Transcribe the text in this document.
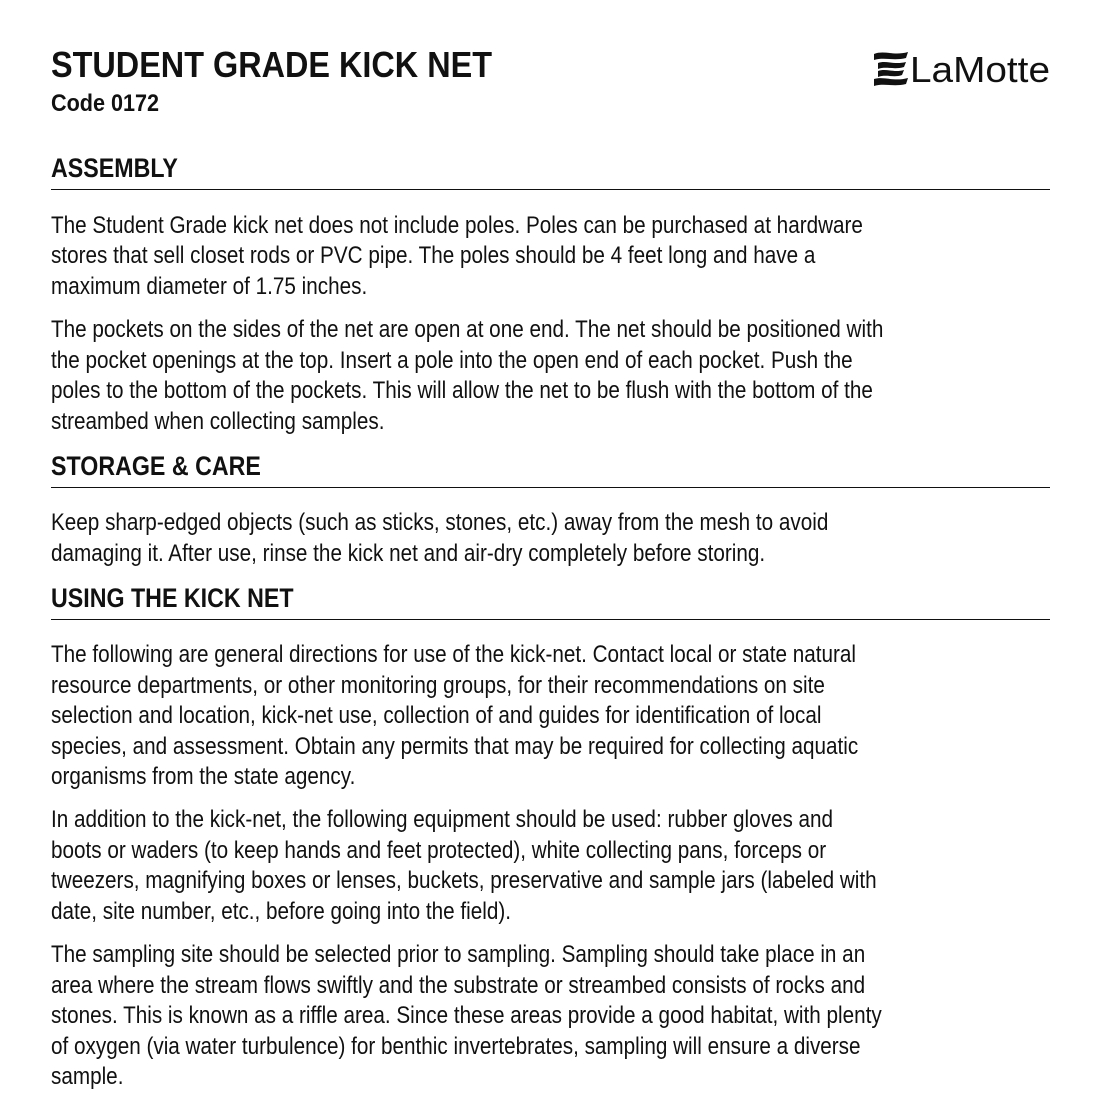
STUDENT GRADE KICK NET
Code 0172
LaMotte
ASSEMBLY
The Student Grade kick net does not include poles. Poles can be purchased at hardware
stores that sell closet rods or PVC pipe. The poles should be 4 feet long and have a
maximum diameter of 1.75 inches.
The pockets on the sides of the net are open at one end. The net should be positioned with
the pocket openings at the top. Insert a pole into the open end of each pocket. Push the
poles to the bottom of the pockets. This will allow the net to be flush with the bottom of the
streambed when collecting samples.
STORAGE & CARE
Keep sharp-edged objects (such as sticks, stones, etc.) away from the mesh to avoid
damaging it. After use, rinse the kick net and air-dry completely before storing.
USING THE KICK NET
The following are general directions for use of the kick-net. Contact local or state natural
resource departments, or other monitoring groups, for their recommendations on site
selection and location, kick-net use, collection of and guides for identification of local
species, and assessment. Obtain any permits that may be required for collecting aquatic
organisms from the state agency.
In addition to the kick-net, the following equipment should be used: rubber gloves and
boots or waders (to keep hands and feet protected), white collecting pans, forceps or
tweezers, magnifying boxes or lenses, buckets, preservative and sample jars (labeled with
date, site number, etc., before going into the field).
The sampling site should be selected prior to sampling. Sampling should take place in an
area where the stream flows swiftly and the substrate or streambed consists of rocks and
stones. This is known as a riffle area. Since these areas provide a good habitat, with plenty
of oxygen (via water turbulence) for benthic invertebrates, sampling will ensure a diverse
sample.
